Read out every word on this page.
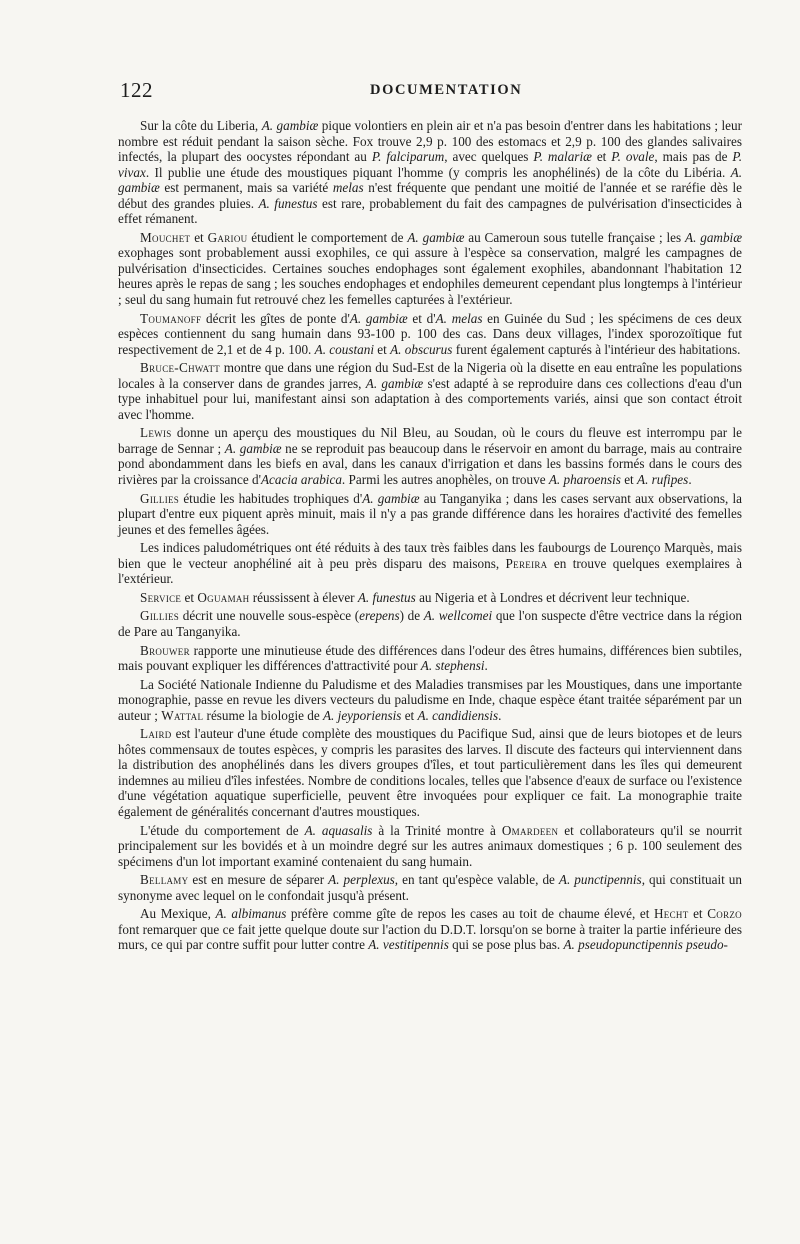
122	DOCUMENTATION

Sur la côte du Liberia, A. gambiæ pique volontiers en plein air et n'a pas besoin d'entrer dans les habitations ; leur nombre est réduit pendant la saison sèche. Fox trouve 2,9 p. 100 des estomacs et 2,9 p. 100 des glandes salivaires infectés, la plupart des oocystes répondant au P. falciparum, avec quelques P. malariæ et P. ovale, mais pas de P. vivax. Il publie une étude des moustiques piquant l'homme (y compris les anophélinés) de la côte du Libéria. A. gambiæ est permanent, mais sa variété melas n'est fréquente que pendant une moitié de l'année et se raréfie dès le début des grandes pluies. A. funestus est rare, probablement du fait des campagnes de pulvérisation d'insecticides à effet rémanent.

Mouchet et Gariou étudient le comportement de A. gambiæ au Cameroun sous tutelle française ; les A. gambiæ exophages sont probablement aussi exophiles, ce qui assure à l'espèce sa conservation, malgré les campagnes de pulvérisation d'insecticides. Certaines souches endophages sont également exophiles, abandonnant l'habitation 12 heures après le repas de sang ; les souches endophages et endophiles demeurent cependant plus longtemps à l'intérieur ; seul du sang humain fut retrouvé chez les femelles capturées à l'extérieur.

Toumanoff décrit les gîtes de ponte d'A. gambiæ et d'A. melas en Guinée du Sud ; les spécimens de ces deux espèces contiennent du sang humain dans 93-100 p. 100 des cas. Dans deux villages, l'index sporozoïtique fut respectivement de 2,1 et de 4 p. 100. A. coustani et A. obscurus furent également capturés à l'intérieur des habitations.

Bruce-Chwatt montre que dans une région du Sud-Est de la Nigeria où la disette en eau entraîne les populations locales à la conserver dans de grandes jarres, A. gambiæ s'est adapté à se reproduire dans ces collections d'eau d'un type inhabituel pour lui, manifestant ainsi son adaptation à des comportements variés, ainsi que son contact étroit avec l'homme.

Lewis donne un aperçu des moustiques du Nil Bleu, au Soudan, où le cours du fleuve est interrompu par le barrage de Sennar ; A. gambiæ ne se reproduit pas beaucoup dans le réservoir en amont du barrage, mais au contraire pond abondamment dans les biefs en aval, dans les canaux d'irrigation et dans les bassins formés dans le cours des rivières par la croissance d'Acacia arabica. Parmi les autres anophèles, on trouve A. pharoensis et A. rufipes.

Gillies étudie les habitudes trophiques d'A. gambiæ au Tanganyika ; dans les cases servant aux observations, la plupart d'entre eux piquent après minuit, mais il n'y a pas grande différence dans les horaires d'activité des femelles jeunes et des femelles âgées.

Les indices paludométriques ont été réduits à des taux très faibles dans les faubourgs de Lourenço Marquès, mais bien que le vecteur anophéliné ait à peu près disparu des maisons, Pereira en trouve quelques exemplaires à l'extérieur.

Service et Oguamah réussissent à élever A. funestus au Nigeria et à Londres et décrivent leur technique.

Gillies décrit une nouvelle sous-espèce (erepens) de A. wellcomei que l'on suspecte d'être vectrice dans la région de Pare au Tanganyika.

Brouwer rapporte une minutieuse étude des différences dans l'odeur des êtres humains, différences bien subtiles, mais pouvant expliquer les différences d'attractivité pour A. stephensi.

La Société Nationale Indienne du Paludisme et des Maladies transmises par les Moustiques, dans une importante monographie, passe en revue les divers vecteurs du paludisme en Inde, chaque espèce étant traitée séparément par un auteur ; Wattal résume la biologie de A. jeyporiensis et A. candidiensis.

Laird est l'auteur d'une étude complète des moustiques du Pacifique Sud, ainsi que de leurs biotopes et de leurs hôtes commensaux de toutes espèces, y compris les parasites des larves. Il discute des facteurs qui interviennent dans la distribution des anophélinés dans les divers groupes d'îles, et tout particulièrement dans les îles qui demeurent indemnes au milieu d'îles infestées. Nombre de conditions locales, telles que l'absence d'eaux de surface ou l'existence d'une végétation aquatique superficielle, peuvent être invoquées pour expliquer ce fait. La monographie traite également de généralités concernant d'autres moustiques.

L'étude du comportement de A. aquasalis à la Trinité montre à Omardeen et collaborateurs qu'il se nourrit principalement sur les bovidés et à un moindre degré sur les autres animaux domestiques ; 6 p. 100 seulement des spécimens d'un lot important examiné contenaient du sang humain.

Bellamy est en mesure de séparer A. perplexus, en tant qu'espèce valable, de A. punctipennis, qui constituait un synonyme avec lequel on le confondait jusqu'à présent.

Au Mexique, A. albimanus préfère comme gîte de repos les cases au toit de chaume élevé, et Hecht et Corzo font remarquer que ce fait jette quelque doute sur l'action du D.D.T. lorsqu'on se borne à traiter la partie inférieure des murs, ce qui par contre suffit pour lutter contre A. vestitipennis qui se pose plus bas. A. pseudopunctipennis pseudo-
